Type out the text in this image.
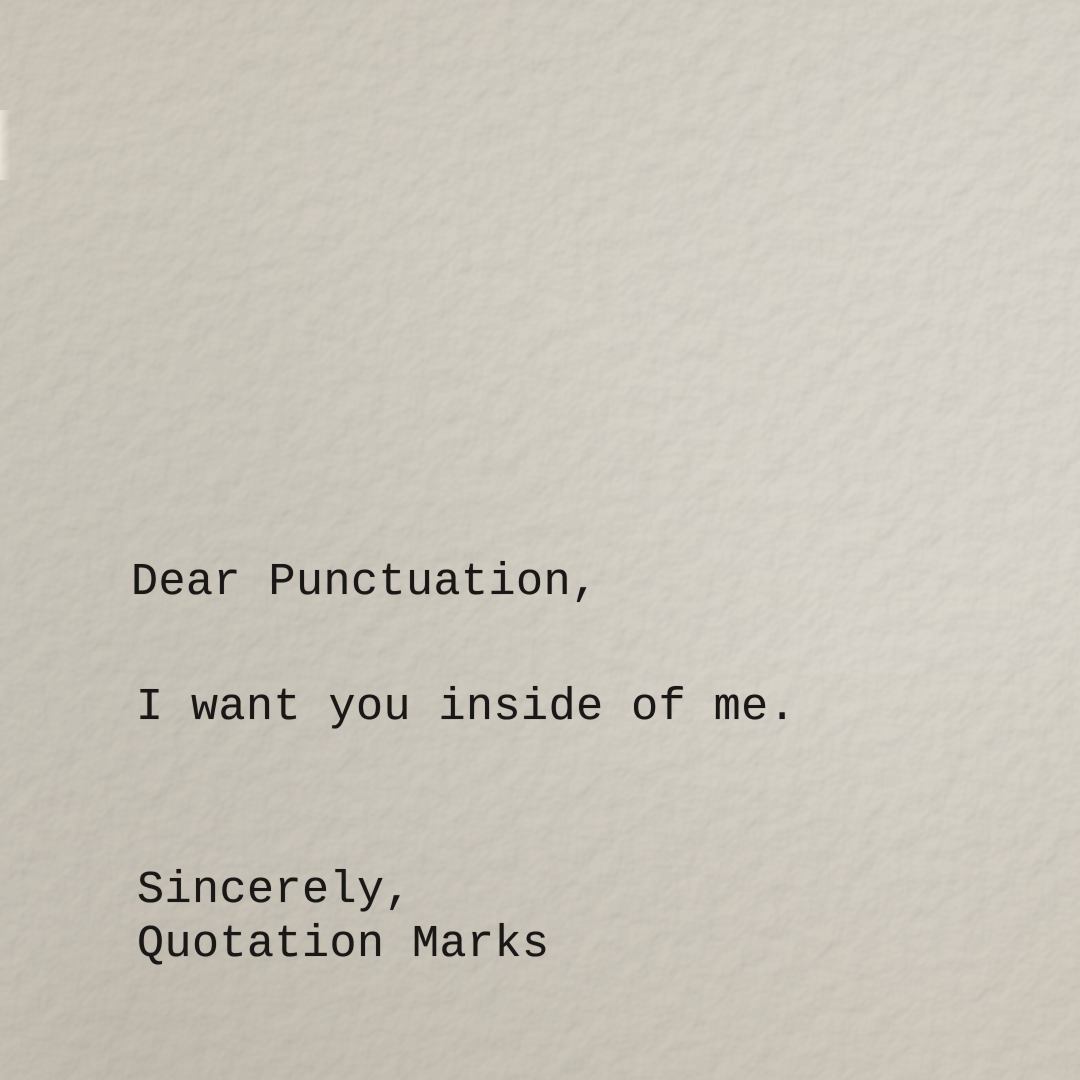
Dear Punctuation,

I want you inside of me.

Sincerely,

Quotation Marks
